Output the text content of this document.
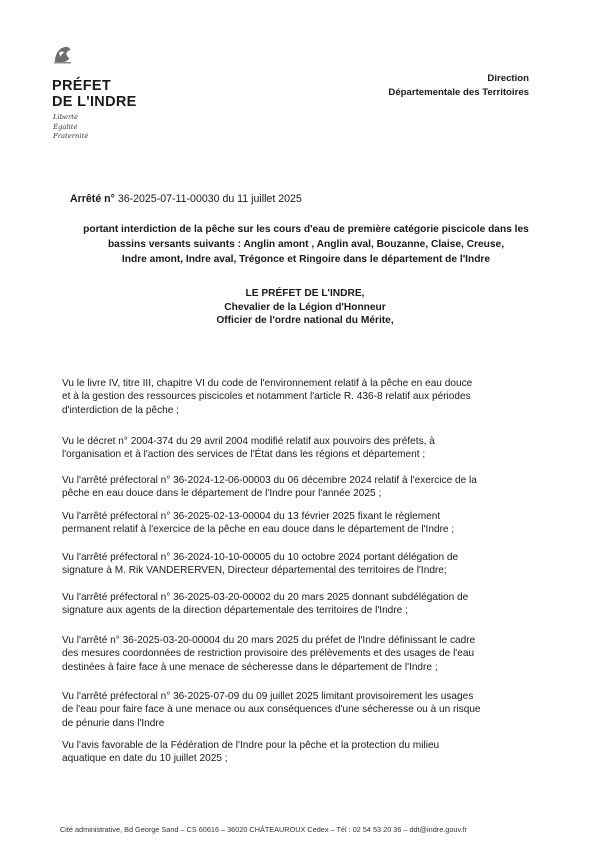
PRÉFET
DE L'INDRE
Liberté
Égalité
Fraternité
Direction
Départementale des Territoires
Arrêté n° 36-2025-07-11-00030 du 11 juillet 2025
portant interdiction de la pêche sur les cours d'eau de première catégorie piscicole dans les
bassins versants suivants : Anglin amont , Anglin aval, Bouzanne, Claise, Creuse,
Indre amont, Indre aval, Trégonce et Ringoire dans le département de l'Indre
LE PRÉFET DE L'INDRE,
Chevalier de la Légion d'Honneur
Officier de l'ordre national du Mérite,
Vu le livre IV, titre III, chapitre VI du code de l'environnement relatif à la pêche en eau douce
et à la gestion des ressources piscicoles et notamment l'article R. 436-8 relatif aux périodes
d'interdiction de la pêche ;
Vu le décret n° 2004-374 du 29 avril 2004 modifié relatif aux pouvoirs des préfets, à
l'organisation et à l'action des services de l'État dans les régions et département ;
Vu l'arrêté préfectoral n° 36-2024-12-06-00003 du 06 décembre 2024 relatif à l'exercice de la
pêche en eau douce dans le département de l'Indre pour l'année 2025 ;
Vu l'arrêté préfectoral n° 36-2025-02-13-00004 du 13 février 2025 fixant le règlement
permanent relatif à l'exercice de la pêche en eau douce dans le département de l'Indre ;
Vu l'arrêté préfectoral n° 36-2024-10-10-00005 du 10 octobre 2024 portant délégation de
signature à M. Rik VANDERERVEN, Directeur départemental des territoires de l'Indre;
Vu l'arrêté préfectoral n° 36-2025-03-20-00002 du 20 mars 2025 donnant subdélégation de
signature aux agents de la direction départementale des territoires de l'Indre ;
Vu l'arrêté n° 36-2025-03-20-00004 du 20 mars 2025 du préfet de l'Indre définissant le cadre
des mesures coordonnées de restriction provisoire des prélèvements et des usages de l'eau
destinées à faire face à une menace de sécheresse dans le département de l'Indre ;
Vu l'arrêté préfectoral n° 36-2025-07-09 du 09 juillet 2025 limitant provisoirement les usages
de l'eau pour faire face à une menace ou aux conséquences d'une sécheresse ou à un risque
de pénurie dans l'Indre
Vu l'avis favorable de la Fédération de l'Indre pour la pêche et la protection du milieu
aquatique en date du 10 juillet 2025 ;
Cité administrative, Bd George Sand – CS 60616 – 36020 CHÂTEAUROUX Cedex – Tél : 02 54 53 20 36 – ddt@indre.gouv.fr
